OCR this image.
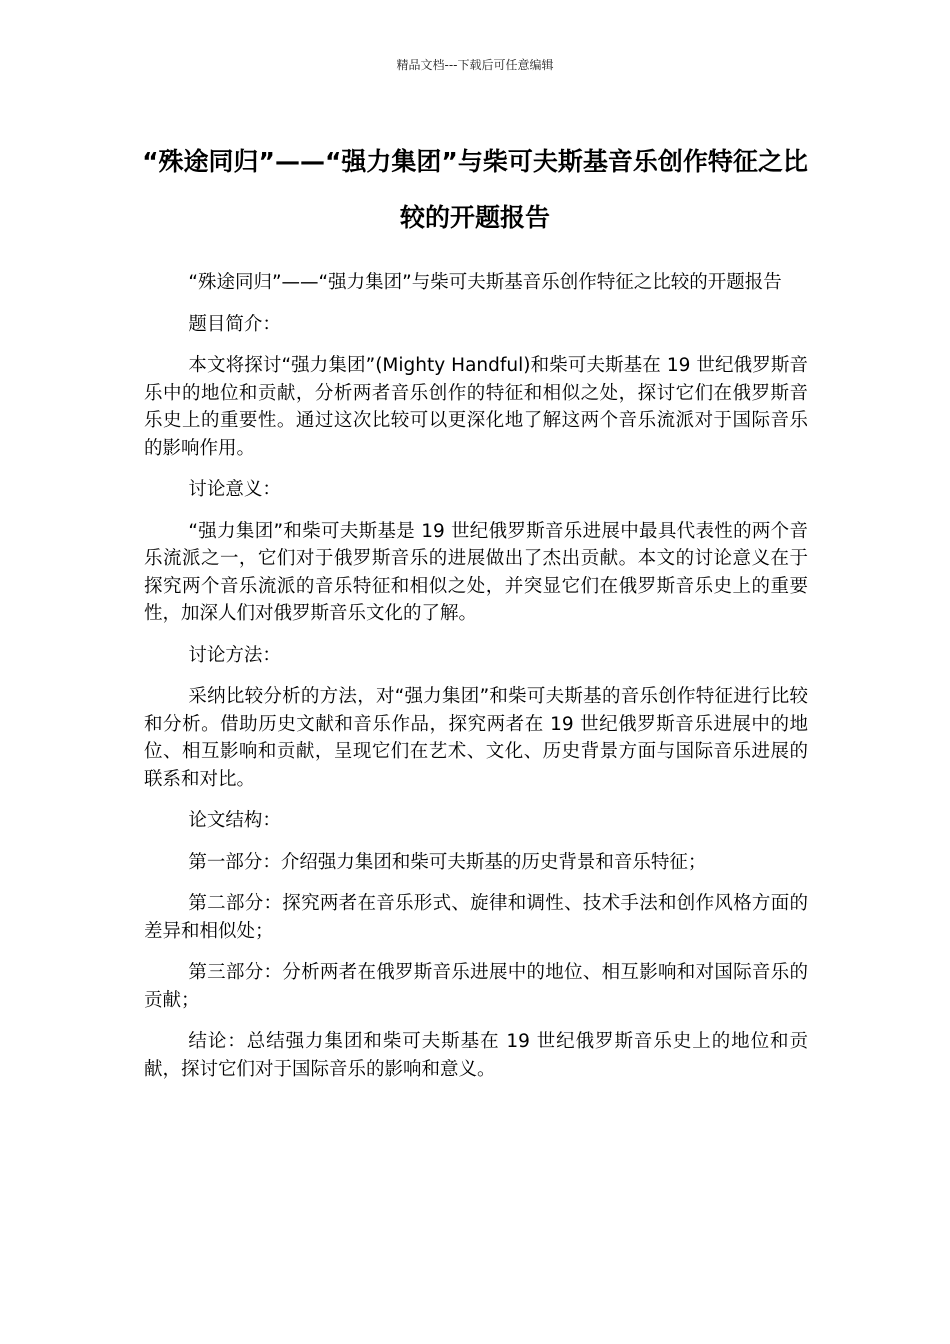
精品文档---下载后可任意编辑
“殊途同归”——“强力集团”与柴可夫斯基音乐创作特征之比较的开题报告

“殊途同归”——“强力集团”与柴可夫斯基音乐创作特征之比较的开题报告

题目简介：

本文将探讨“强力集团”(Mighty Handful)和柴可夫斯基在 19 世纪俄罗斯音乐中的地位和贡献，分析两者音乐创作的特征和相似之处，探讨它们在俄罗斯音乐史上的重要性。通过这次比较可以更深化地了解这两个音乐流派对于国际音乐的影响作用。

讨论意义：

“强力集团”和柴可夫斯基是 19 世纪俄罗斯音乐进展中最具代表性的两个音乐流派之一，它们对于俄罗斯音乐的进展做出了杰出贡献。本文的讨论意义在于探究两个音乐流派的音乐特征和相似之处，并突显它们在俄罗斯音乐史上的重要性，加深人们对俄罗斯音乐文化的了解。

讨论方法：

采纳比较分析的方法，对“强力集团”和柴可夫斯基的音乐创作特征进行比较和分析。借助历史文献和音乐作品，探究两者在 19 世纪俄罗斯音乐进展中的地位、相互影响和贡献，呈现它们在艺术、文化、历史背景方面与国际音乐进展的联系和对比。

论文结构：

第一部分：介绍强力集团和柴可夫斯基的历史背景和音乐特征；

第二部分：探究两者在音乐形式、旋律和调性、技术手法和创作风格方面的差异和相似处；

第三部分：分析两者在俄罗斯音乐进展中的地位、相互影响和对国际音乐的贡献；

结论：总结强力集团和柴可夫斯基在 19 世纪俄罗斯音乐史上的地位和贡献，探讨它们对于国际音乐的影响和意义。
